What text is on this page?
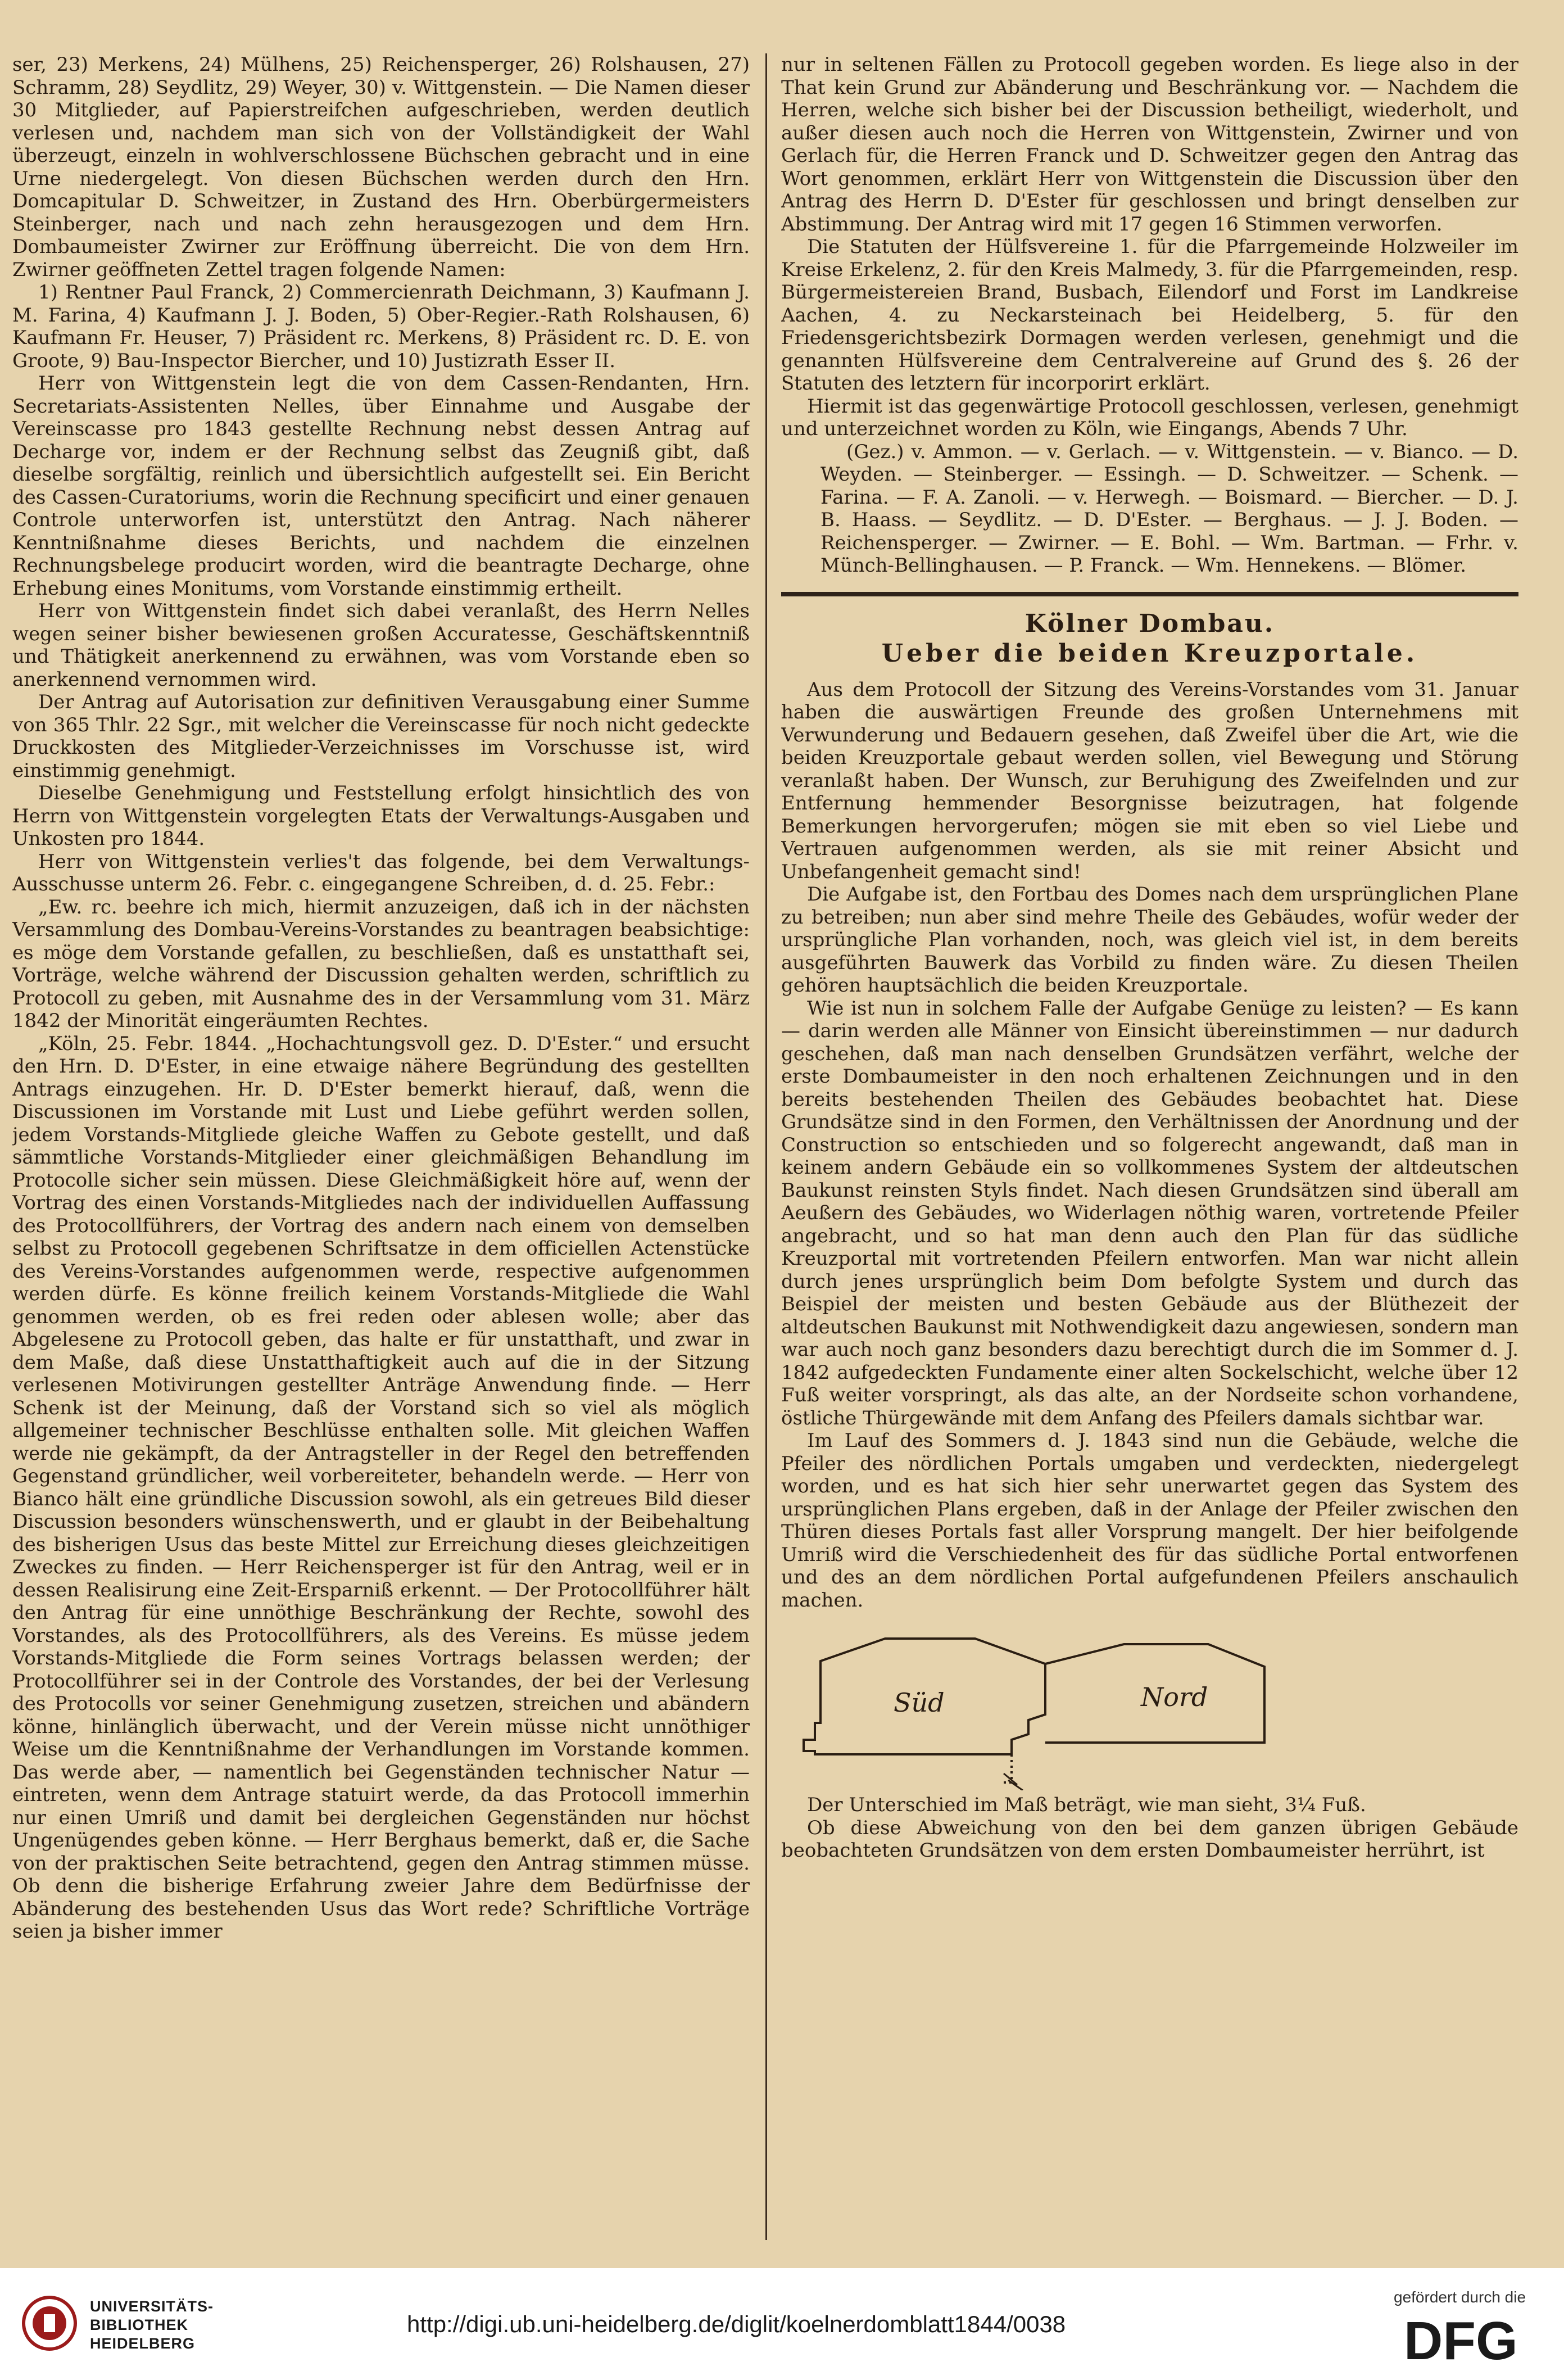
ser, 23) Merkens, 24) Mülhens, 25) Reichensperger, 26) Rolshausen, 27) Schramm, 28) Seydlitz, 29) Weyer, 30) v. Wittgenstein. — Die Namen dieser 30 Mitglieder, auf Papierstreifchen aufgeschrieben, werden deutlich verlesen und, nachdem man sich von der Vollständigkeit der Wahl überzeugt, einzeln in wohlverschlossene Büchschen gebracht und in eine Urne niedergelegt. Von diesen Büchschen werden durch den Hrn. Domcapitular D. Schweitzer, in Zustand des Hrn. Oberbürgermeisters Steinberger, nach und nach zehn herausgezogen und dem Hrn. Dombaumeister Zwirner zur Eröffnung überreicht. Die von dem Hrn. Zwirner geöffneten Zettel tragen folgende Namen:

1) Rentner Paul Franck, 2) Commercienrath Deichmann, 3) Kaufmann J. M. Farina, 4) Kaufmann J. J. Boden, 5) Ober-Regier.-Rath Rolshausen, 6) Kaufmann Fr. Heuser, 7) Präsident rc. Merkens, 8) Präsident rc. D. E. von Groote, 9) Bau-Inspector Biercher, und 10) Justizrath Esser II.

Herr von Wittgenstein legt die von dem Cassen-Rendanten, Hrn. Secretariats-Assistenten Nelles, über Einnahme und Ausgabe der Vereinscasse pro 1843 gestellte Rechnung nebst dessen Antrag auf Decharge vor, indem er der Rechnung selbst das Zeugniß gibt, daß dieselbe sorgfältig, reinlich und übersichtlich aufgestellt sei. Ein Bericht des Cassen-Curatoriums, worin die Rechnung specificirt und einer genauen Controle unterworfen ist, unterstützt den Antrag. Nach näherer Kenntnißnahme dieses Berichts, und nachdem die einzelnen Rechnungsbelege producirt worden, wird die beantragte Decharge, ohne Erhebung eines Monitums, vom Vorstande einstimmig ertheilt.

Herr von Wittgenstein findet sich dabei veranlaßt, des Herrn Nelles wegen seiner bisher bewiesenen großen Accuratesse, Geschäftskenntniß und Thätigkeit anerkennend zu erwähnen, was vom Vorstande eben so anerkennend vernommen wird.

Der Antrag auf Autorisation zur definitiven Verausgabung einer Summe von 365 Thlr. 22 Sgr., mit welcher die Vereinscasse für noch nicht gedeckte Druckkosten des Mitglieder-Verzeichnisses im Vorschusse ist, wird einstimmig genehmigt.

Dieselbe Genehmigung und Feststellung erfolgt hinsichtlich des von Herrn von Wittgenstein vorgelegten Etats der Verwaltungs-Ausgaben und Unkosten pro 1844.

Herr von Wittgenstein verlies't das folgende, bei dem Verwaltungs-Ausschusse unterm 26. Febr. c. eingegangene Schreiben, d. d. 25. Febr.:

„Ew. rc. beehre ich mich, hiermit anzuzeigen, daß ich in der nächsten Versammlung des Dombau-Vereins-Vorstandes zu beantragen beabsichtige: es möge dem Vorstande gefallen, zu beschließen, daß es unstatthaft sei, Vorträge, welche während der Discussion gehalten werden, schriftlich zu Protocoll zu geben, mit Ausnahme des in der Versammlung vom 31. März 1842 der Minorität eingeräumten Rechtes.

„Köln, 25. Febr. 1844. „Hochachtungsvoll gez. D. D'Ester.“ und ersucht den Hrn. D. D'Ester, in eine etwaige nähere Begründung des gestellten Antrags einzugehen. Hr. D. D'Ester bemerkt hierauf, daß, wenn die Discussionen im Vorstande mit Lust und Liebe geführt werden sollen, jedem Vorstands-Mitgliede gleiche Waffen zu Gebote gestellt, und daß sämmtliche Vorstands-Mitglieder einer gleichmäßigen Behandlung im Protocolle sicher sein müssen. Diese Gleichmäßigkeit höre auf, wenn der Vortrag des einen Vorstands-Mitgliedes nach der individuellen Auffassung des Protocollführers, der Vortrag des andern nach einem von demselben selbst zu Protocoll gegebenen Schriftsatze in dem officiellen Actenstücke des Vereins-Vorstandes aufgenommen werde, respective aufgenommen werden dürfe. Es könne freilich keinem Vorstands-Mitgliede die Wahl genommen werden, ob es frei reden oder ablesen wolle; aber das Abgelesene zu Protocoll geben, das halte er für unstatthaft, und zwar in dem Maße, daß diese Unstatthaftigkeit auch auf die in der Sitzung verlesenen Motivirungen gestellter Anträge Anwendung finde. — Herr Schenk ist der Meinung, daß der Vorstand sich so viel als möglich allgemeiner technischer Beschlüsse enthalten solle. Mit gleichen Waffen werde nie gekämpft, da der Antragsteller in der Regel den betreffenden Gegenstand gründlicher, weil vorbereiteter, behandeln werde. — Herr von Bianco hält eine gründliche Discussion sowohl, als ein getreues Bild dieser Discussion besonders wünschenswerth, und er glaubt in der Beibehaltung des bisherigen Usus das beste Mittel zur Erreichung dieses gleichzeitigen Zweckes zu finden. — Herr Reichensperger ist für den Antrag, weil er in dessen Realisirung eine Zeit-Ersparniß erkennt. — Der Protocollführer hält den Antrag für eine unnöthige Beschränkung der Rechte, sowohl des Vorstandes, als des Protocollführers, als des Vereins. Es müsse jedem Vorstands-Mitgliede die Form seines Vortrags belassen werden; der Protocollführer sei in der Controle des Vorstandes, der bei der Verlesung des Protocolls vor seiner Genehmigung zusetzen, streichen und abändern könne, hinlänglich überwacht, und der Verein müsse nicht unnöthiger Weise um die Kenntnißnahme der Verhandlungen im Vorstande kommen. Das werde aber, — namentlich bei Gegenständen technischer Natur — eintreten, wenn dem Antrage statuirt werde, da das Protocoll immerhin nur einen Umriß und damit bei dergleichen Gegenständen nur höchst Ungenügendes geben könne. — Herr Berghaus bemerkt, daß er, die Sache von der praktischen Seite betrachtend, gegen den Antrag stimmen müsse. Ob denn die bisherige Erfahrung zweier Jahre dem Bedürfnisse der Abänderung des bestehenden Usus das Wort rede? Schriftliche Vorträge seien ja bisher immer

nur in seltenen Fällen zu Protocoll gegeben worden. Es liege also in der That kein Grund zur Abänderung und Beschränkung vor. — Nachdem die Herren, welche sich bisher bei der Discussion betheiligt, wiederholt, und außer diesen auch noch die Herren von Wittgenstein, Zwirner und von Gerlach für, die Herren Franck und D. Schweitzer gegen den Antrag das Wort genommen, erklärt Herr von Wittgenstein die Discussion über den Antrag des Herrn D. D'Ester für geschlossen und bringt denselben zur Abstimmung. Der Antrag wird mit 17 gegen 16 Stimmen verworfen.

Die Statuten der Hülfsvereine 1. für die Pfarrgemeinde Holzweiler im Kreise Erkelenz, 2. für den Kreis Malmedy, 3. für die Pfarrgemeinden, resp. Bürgermeistereien Brand, Busbach, Eilendorf und Forst im Landkreise Aachen, 4. zu Neckarsteinach bei Heidelberg, 5. für den Friedensgerichtsbezirk Dormagen werden verlesen, genehmigt und die genannten Hülfsvereine dem Centralvereine auf Grund des §. 26 der Statuten des letztern für incorporirt erklärt.

Hiermit ist das gegenwärtige Protocoll geschlossen, verlesen, genehmigt und unterzeichnet worden zu Köln, wie Eingangs, Abends 7 Uhr.

(Gez.) v. Ammon. — v. Gerlach. — v. Wittgenstein. — v. Bianco. — D. Weyden. — Steinberger. — Essingh. — D. Schweitzer. — Schenk. — Farina. — F. A. Zanoli. — v. Herwegh. — Boismard. — Biercher. — D. J. B. Haass. — Seydlitz. — D. D'Ester. — Berghaus. — J. J. Boden. — Reichensperger. — Zwirner. — E. Bohl. — Wm. Bartman. — Frhr. v. Münch-Bellinghausen. — P. Franck. — Wm. Hennekens. — Blömer.

Kölner Dombau.
Ueber die beiden Kreuzportale.

Aus dem Protocoll der Sitzung des Vereins-Vorstandes vom 31. Januar haben die auswärtigen Freunde des großen Unternehmens mit Verwunderung und Bedauern gesehen, daß Zweifel über die Art, wie die beiden Kreuzportale gebaut werden sollen, viel Bewegung und Störung veranlaßt haben. Der Wunsch, zur Beruhigung des Zweifelnden und zur Entfernung hemmender Besorgnisse beizutragen, hat folgende Bemerkungen hervorgerufen; mögen sie mit eben so viel Liebe und Vertrauen aufgenommen werden, als sie mit reiner Absicht und Unbefangenheit gemacht sind!

Die Aufgabe ist, den Fortbau des Domes nach dem ursprünglichen Plane zu betreiben; nun aber sind mehre Theile des Gebäudes, wofür weder der ursprüngliche Plan vorhanden, noch, was gleich viel ist, in dem bereits ausgeführten Bauwerk das Vorbild zu finden wäre. Zu diesen Theilen gehören hauptsächlich die beiden Kreuzportale.

Wie ist nun in solchem Falle der Aufgabe Genüge zu leisten? — Es kann — darin werden alle Männer von Einsicht übereinstimmen — nur dadurch geschehen, daß man nach denselben Grundsätzen verfährt, welche der erste Dombaumeister in den noch erhaltenen Zeichnungen und in den bereits bestehenden Theilen des Gebäudes beobachtet hat. Diese Grundsätze sind in den Formen, den Verhältnissen der Anordnung und der Construction so entschieden und so folgerecht angewandt, daß man in keinem andern Gebäude ein so vollkommenes System der altdeutschen Baukunst reinsten Styls findet. Nach diesen Grundsätzen sind überall am Aeußern des Gebäudes, wo Widerlagen nöthig waren, vortretende Pfeiler angebracht, und so hat man denn auch den Plan für das südliche Kreuzportal mit vortretenden Pfeilern entworfen. Man war nicht allein durch jenes ursprünglich beim Dom befolgte System und durch das Beispiel der meisten und besten Gebäude aus der Blüthezeit der altdeutschen Baukunst mit Nothwendigkeit dazu angewiesen, sondern man war auch noch ganz besonders dazu berechtigt durch die im Sommer d. J. 1842 aufgedeckten Fundamente einer alten Sockelschicht, welche über 12 Fuß weiter vorspringt, als das alte, an der Nordseite schon vorhandene, östliche Thürgewände mit dem Anfang des Pfeilers damals sichtbar war.

Im Lauf des Sommers d. J. 1843 sind nun die Gebäude, welche die Pfeiler des nördlichen Portals umgaben und verdeckten, niedergelegt worden, und es hat sich hier sehr unerwartet gegen das System des ursprünglichen Plans ergeben, daß in der Anlage der Pfeiler zwischen den Thüren dieses Portals fast aller Vorsprung mangelt. Der hier beifolgende Umriß wird die Verschiedenheit des für das südliche Portal entworfenen und des an dem nördlichen Portal aufgefundenen Pfeilers anschaulich machen.

Süd	Nord

Der Unterschied im Maß beträgt, wie man sieht, 3¼ Fuß.

Ob diese Abweichung von den bei dem ganzen übrigen Gebäude beobachteten Grundsätzen von dem ersten Dombaumeister herrührt, ist

UNIVERSITÄTS-
BIBLIOTHEK
HEIDELBERG
http://digi.ub.uni-heidelberg.de/diglit/koelnerdomblatt1844/0038
gefördert durch die
DFG
